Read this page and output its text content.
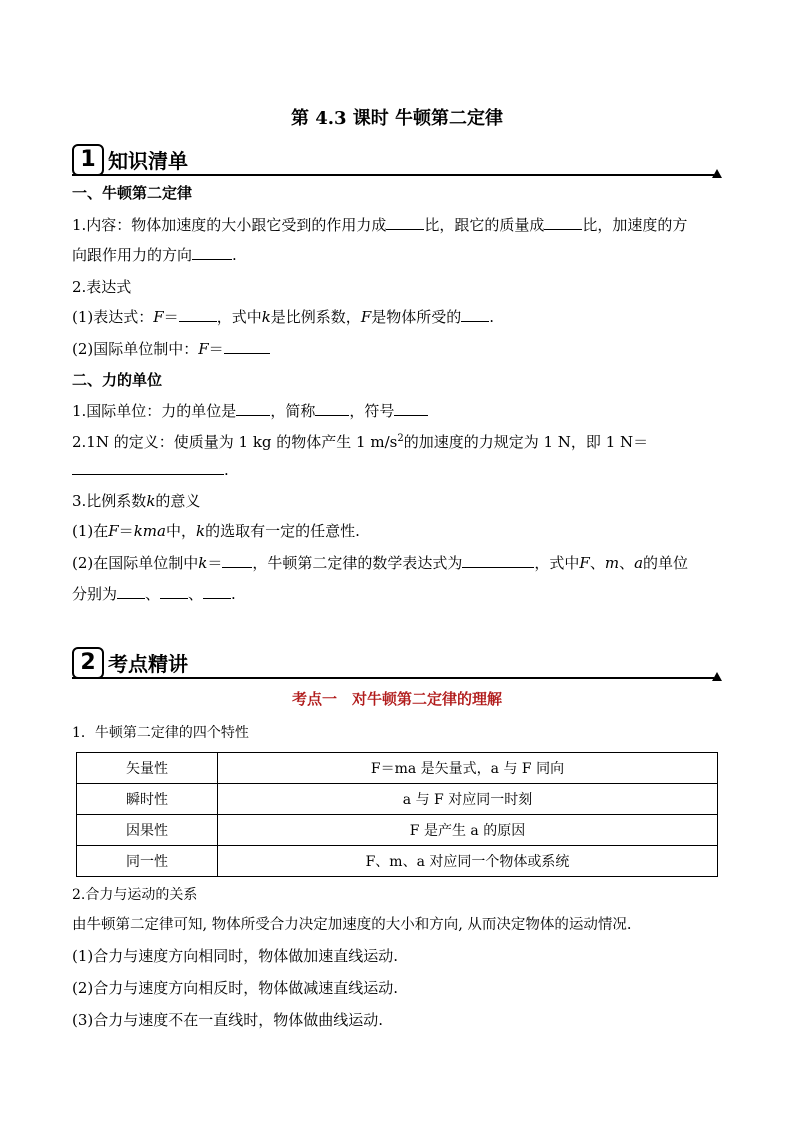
第 4.3 课时 牛顿第二定律
1 知识清单
一、牛顿第二定律
1.内容：物体加速度的大小跟它受到的作用力成	比，跟它的质量成	比，加速度的方
向跟作用力的方向	.
2.表达式
(1)表达式：F＝	，式中k是比例系数，F是物体所受的 .
(2)国际单位制中：F＝
二、力的单位
1.国际单位：力的单位是 ，简称 ，符号
2.1N 的定义：使质量为 1 kg 的物体产生 1 $m/s^2$的加速度的力规定为 1 N，即 1 N＝
.
3.比例系数k的意义
(1)在F＝kma中，k的选取有一定的任意性.
(2)在国际单位制中k＝ ，牛顿第二定律的数学表达式为	，式中F、m、a的单位
分别为 、 、 .
2 考点精讲
考点一　对牛顿第二定律的理解
1．牛顿第二定律的四个特性
矢量性	F＝ma 是矢量式，a 与 F 同向
瞬时性	a 与 F 对应同一时刻
因果性	F 是产生 a 的原因
同一性	F、m、a 对应同一个物体或系统
2.合力与运动的关系
由牛顿第二定律可知, 物体所受合力决定加速度的大小和方向, 从而决定物体的运动情况.
(1)合力与速度方向相同时，物体做加速直线运动.
(2)合力与速度方向相反时，物体做减速直线运动.
(3)合力与速度不在一直线时，物体做曲线运动.
